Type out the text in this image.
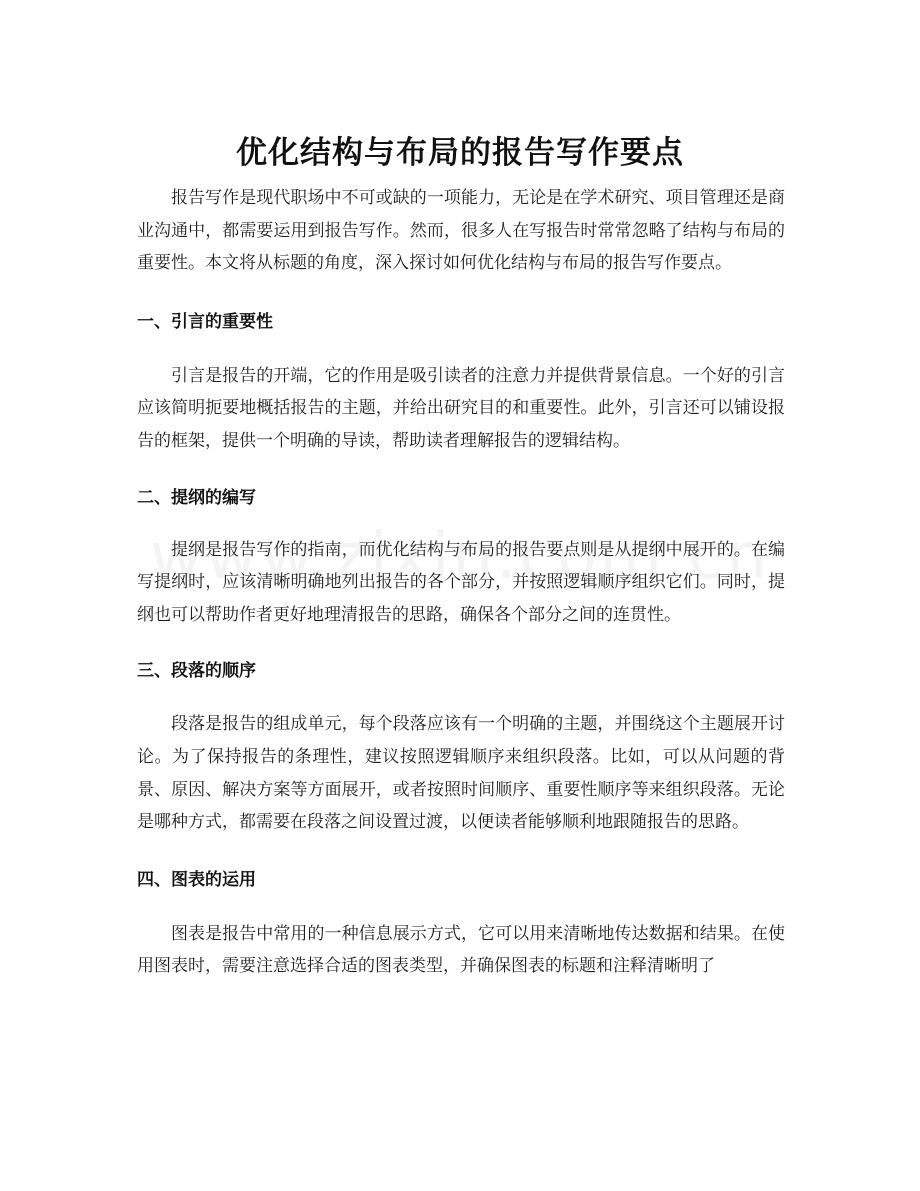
优化结构与布局的报告写作要点

报告写作是现代职场中不可或缺的一项能力，无论是在学术研究、项目管理还是商业沟通中，都需要运用到报告写作。然而，很多人在写报告时常常忽略了结构与布局的重要性。本文将从标题的角度，深入探讨如何优化结构与布局的报告写作要点。

一、引言的重要性

引言是报告的开端，它的作用是吸引读者的注意力并提供背景信息。一个好的引言应该简明扼要地概括报告的主题，并给出研究目的和重要性。此外，引言还可以铺设报告的框架，提供一个明确的导读，帮助读者理解报告的逻辑结构。

二、提纲的编写

提纲是报告写作的指南，而优化结构与布局的报告要点则是从提纲中展开的。在编写提纲时，应该清晰明确地列出报告的各个部分，并按照逻辑顺序组织它们。同时，提纲也可以帮助作者更好地理清报告的思路，确保各个部分之间的连贯性。

三、段落的顺序

段落是报告的组成单元，每个段落应该有一个明确的主题，并围绕这个主题展开讨论。为了保持报告的条理性，建议按照逻辑顺序来组织段落。比如，可以从问题的背景、原因、解决方案等方面展开，或者按照时间顺序、重要性顺序等来组织段落。无论是哪种方式，都需要在段落之间设置过渡，以便读者能够顺利地跟随报告的思路。

四、图表的运用

图表是报告中常用的一种信息展示方式，它可以用来清晰地传达数据和结果。在使用图表时，需要注意选择合适的图表类型，并确保图表的标题和注释清晰明了
